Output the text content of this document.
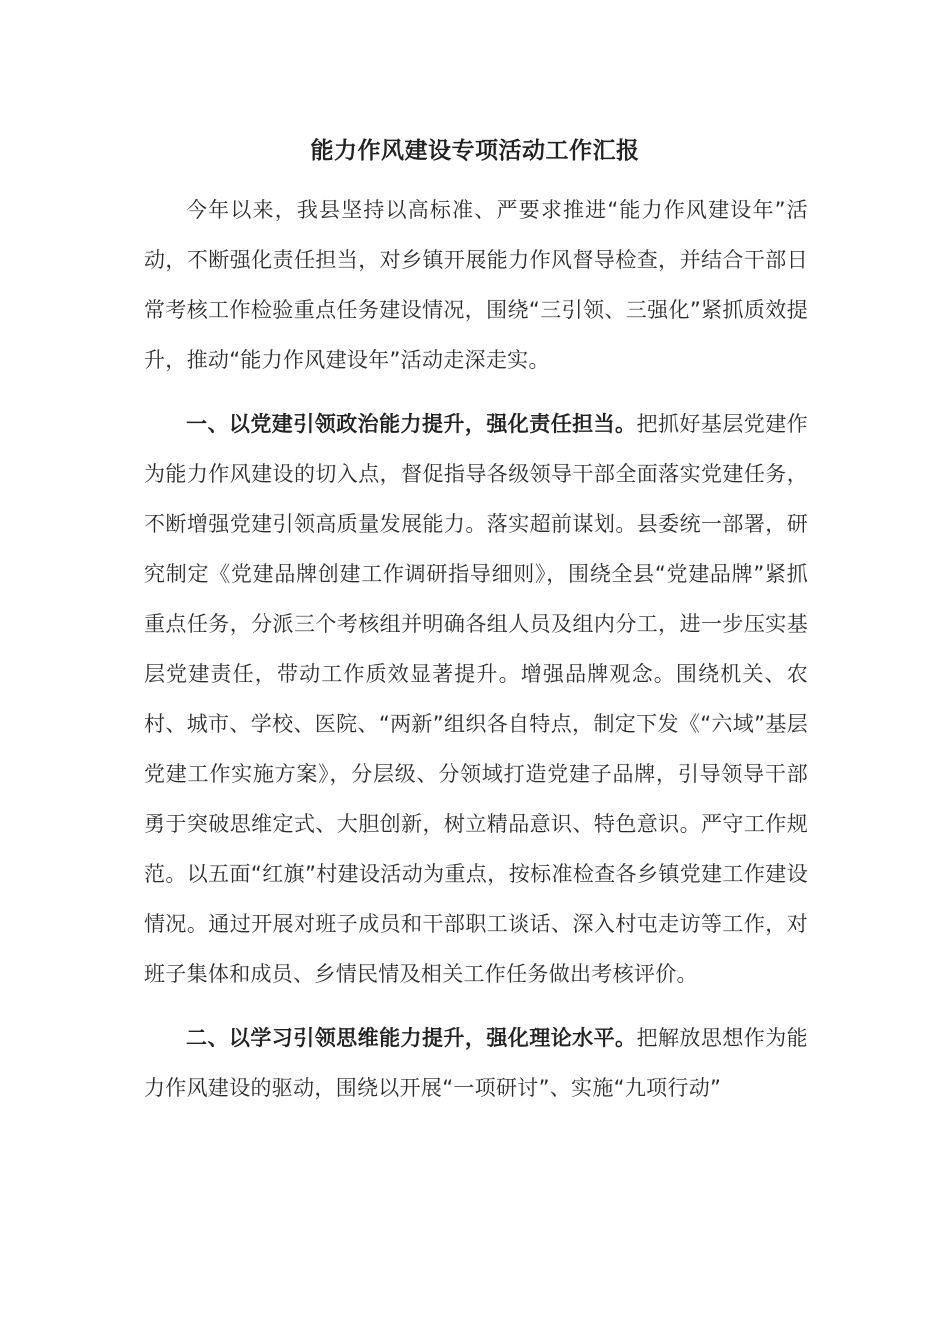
能力作风建设专项活动工作汇报

今年以来，我县坚持以高标准、严要求推进“能力作风建设年”活动，不断强化责任担当，对乡镇开展能力作风督导检查，并结合干部日常考核工作检验重点任务建设情况，围绕“三引领、三强化”紧抓质效提升，推动“能力作风建设年”活动走深走实。

一、以党建引领政治能力提升，强化责任担当。把抓好基层党建作为能力作风建设的切入点，督促指导各级领导干部全面落实党建任务，不断增强党建引领高质量发展能力。落实超前谋划。县委统一部署，研究制定《党建品牌创建工作调研指导细则》，围绕全县“党建品牌”紧抓重点任务，分派三个考核组并明确各组人员及组内分工，进一步压实基层党建责任，带动工作质效显著提升。增强品牌观念。围绕机关、农村、城市、学校、医院、“两新”组织各自特点，制定下发《“六域”基层党建工作实施方案》，分层级、分领域打造党建子品牌，引导领导干部勇于突破思维定式、大胆创新，树立精品意识、特色意识。严守工作规范。以五面“红旗”村建设活动为重点，按标准检查各乡镇党建工作建设情况。通过开展对班子成员和干部职工谈话、深入村屯走访等工作，对班子集体和成员、乡情民情及相关工作任务做出考核评价。

二、以学习引领思维能力提升，强化理论水平。把解放思想作为能力作风建设的驱动，围绕以开展“一项研讨”、实施“九项行动”
